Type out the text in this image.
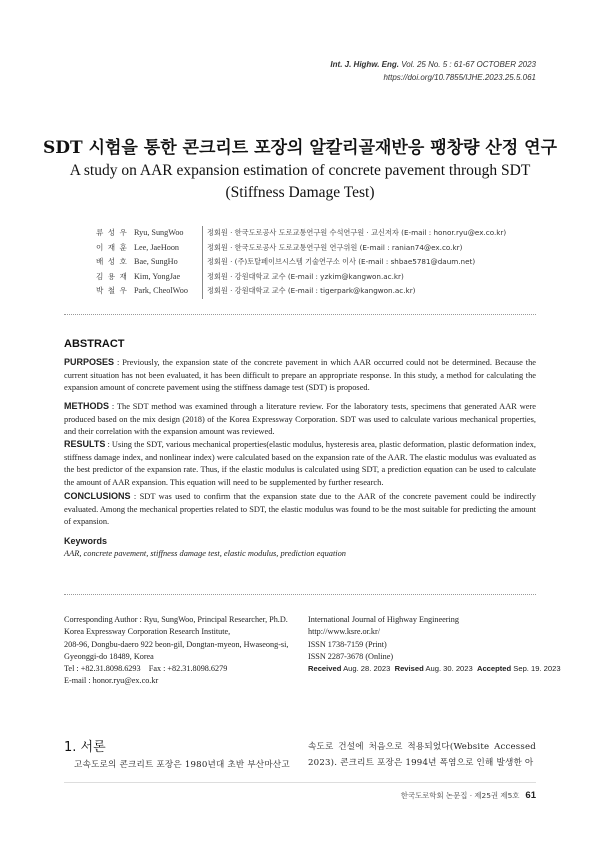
Int. J. Highw. Eng. Vol. 25 No. 5 : 61-67 OCTOBER 2023
https://doi.org/10.7855/IJHE.2023.25.5.061
SDT 시험을 통한 콘크리트 포장의 알칼리골재반응 팽창량 산정 연구
A study on AAR expansion estimation of concrete pavement through SDT
(Stiffness Damage Test)
류 성 우 Ryu, SungWoo	정회원 · 한국도로공사 도로교통연구원 수석연구원 · 교신저자 (E-mail : honor.ryu@ex.co.kr)
이 재 훈 Lee, JaeHoon	정회원 · 한국도로공사 도로교통연구원 연구위원 (E-mail : ranian74@ex.co.kr)
배 성 호 Bae, SungHo	정회원 · (주)토탈페이브시스템 기술연구소 이사 (E-mail : shbae5781@daum.net)
김 용 재 Kim, YongJae	정회원 · 강원대학교 교수 (E-mail : yzkim@kangwon.ac.kr)
박 철 우 Park, CheolWoo	정회원 · 강원대학교 교수 (E-mail : tigerpark@kangwon.ac.kr)
ABSTRACT
PURPOSES : Previously, the expansion state of the concrete pavement in which AAR occurred could not be determined. Because the current situation has not been evaluated, it has been difficult to prepare an appropriate response. In this study, a method for calculating the expansion amount of concrete pavement using the stiffness damage test (SDT) is proposed.
METHODS : The SDT method was examined through a literature review. For the laboratory tests, specimens that generated AAR were produced based on the mix design (2018) of the Korea Expressway Corporation. SDT was used to calculate various mechanical properties, and their correlation with the expansion amount was reviewed.
RESULTS : Using the SDT, various mechanical properties(elastic modulus, hysteresis area, plastic deformation, plastic deformation index, stiffness damage index, and nonlinear index) were calculated based on the expansion rate of the AAR. The elastic modulus was evaluated as the best predictor of the expansion rate. Thus, if the elastic modulus is calculated using SDT, a prediction equation can be used to calculate the amount of AAR expansion. This equation will need to be supplemented by further research.
CONCLUSIONS : SDT was used to confirm that the expansion state due to the AAR of the concrete pavement could be indirectly evaluated. Among the mechanical properties related to SDT, the elastic modulus was found to be the most suitable for predicting the amount of expansion.
Keywords
AAR, concrete pavement, stiffness damage test, elastic modulus, prediction equation
Corresponding Author : Ryu, SungWoo, Principal Researcher, Ph.D.
Korea Expressway Corporation Research Institute,
208-96, Dongbu-daero 922 beon-gil, Dongtan-myeon, Hwaseong-si,
Gyeonggi-do 18489, Korea
Tel : +82.31.8098.6293    Fax : +82.31.8098.6279
E-mail : honor.ryu@ex.co.kr
International Journal of Highway Engineering
http://www.ksre.or.kr/
ISSN 1738-7159 (Print)
ISSN 2287-3678 (Online)
Received Aug. 28. 2023 Revised Aug. 30. 2023 Accepted Sep. 19. 2023
1. 서론
고속도로의 콘크리트 포장은 1980년대 초반 부산마산고
속도로 건설에 처음으로 적용되었다(Website Accessed 2023). 콘크리트 포장은 1994년 폭염으로 인해 발생한 아
한국도로학회 논문집 · 제25권 제5호 61
